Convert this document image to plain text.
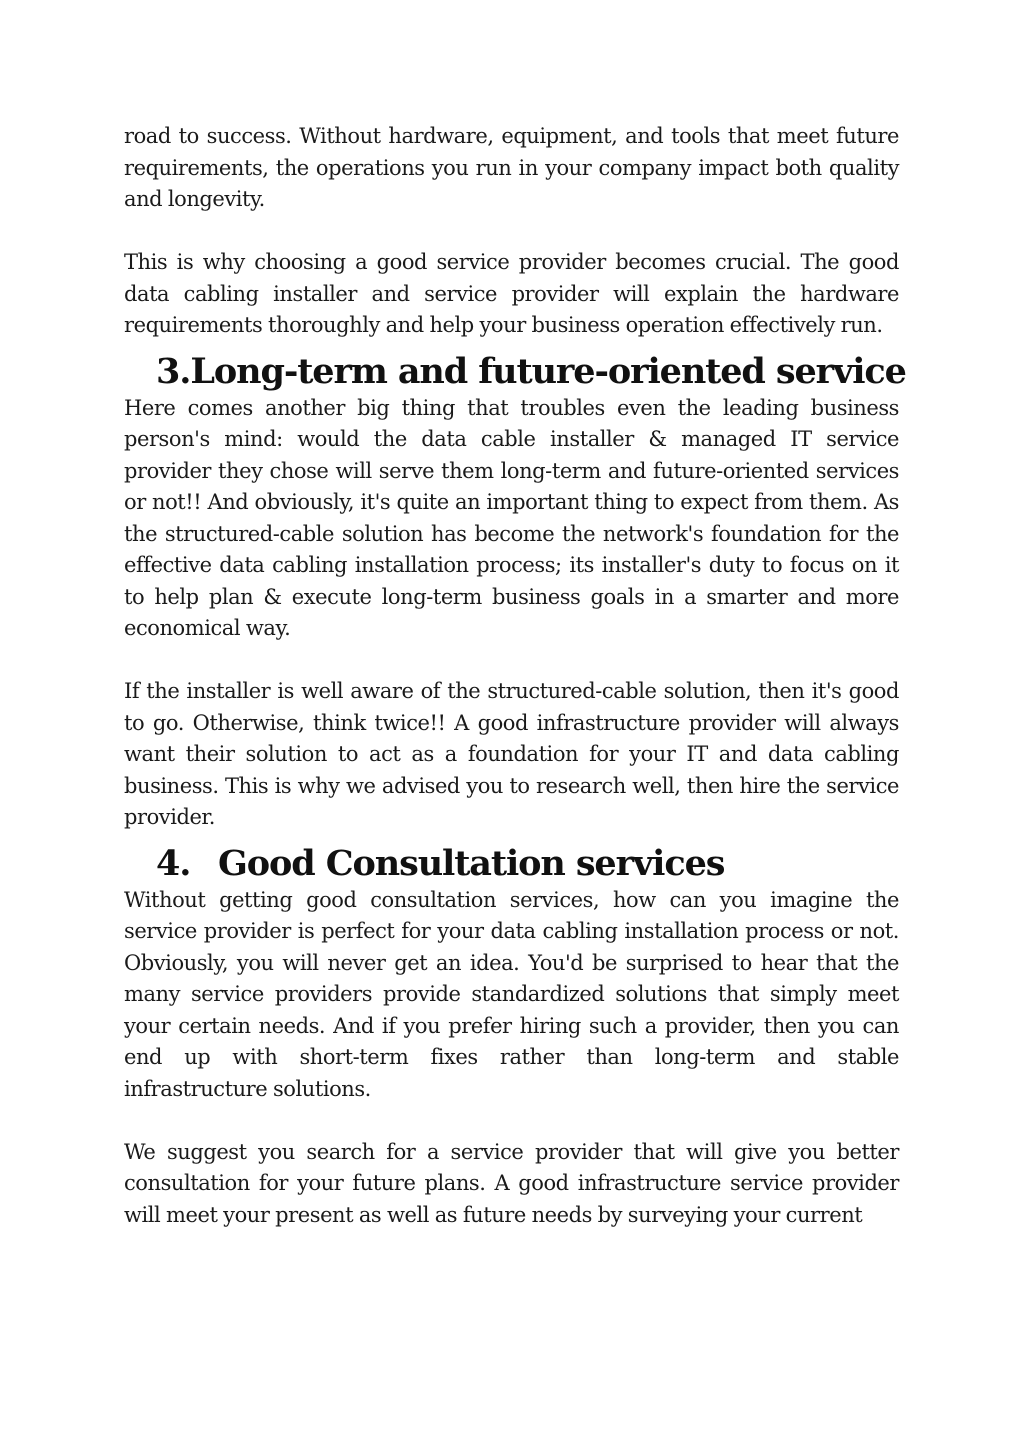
road to success. Without hardware, equipment, and tools that meet future requirements, the operations you run in your company impact both quality and longevity.

This is why choosing a good service provider becomes crucial. The good data cabling installer and service provider will explain the hardware requirements thoroughly and help your business operation effectively run.

3. Long-term and future-oriented service

Here comes another big thing that troubles even the leading business person's mind: would the data cable installer & managed IT service provider they chose will serve them long-term and future-oriented services or not!! And obviously, it's quite an important thing to expect from them. As the structured-cable solution has become the network's foundation for the effective data cabling installation process; its installer's duty to focus on it to help plan & execute long-term business goals in a smarter and more economical way.

If the installer is well aware of the structured-cable solution, then it's good to go. Otherwise, think twice!! A good infrastructure provider will always want their solution to act as a foundation for your IT and data cabling business. This is why we advised you to research well, then hire the service provider.

4. Good Consultation services

Without getting good consultation services, how can you imagine the service provider is perfect for your data cabling installation process or not. Obviously, you will never get an idea. You'd be surprised to hear that the many service providers provide standardized solutions that simply meet your certain needs. And if you prefer hiring such a provider, then you can end up with short-term fixes rather than long-term and stable infrastructure solutions.

We suggest you search for a service provider that will give you better consultation for your future plans. A good infrastructure service provider will meet your present as well as future needs by surveying your current
